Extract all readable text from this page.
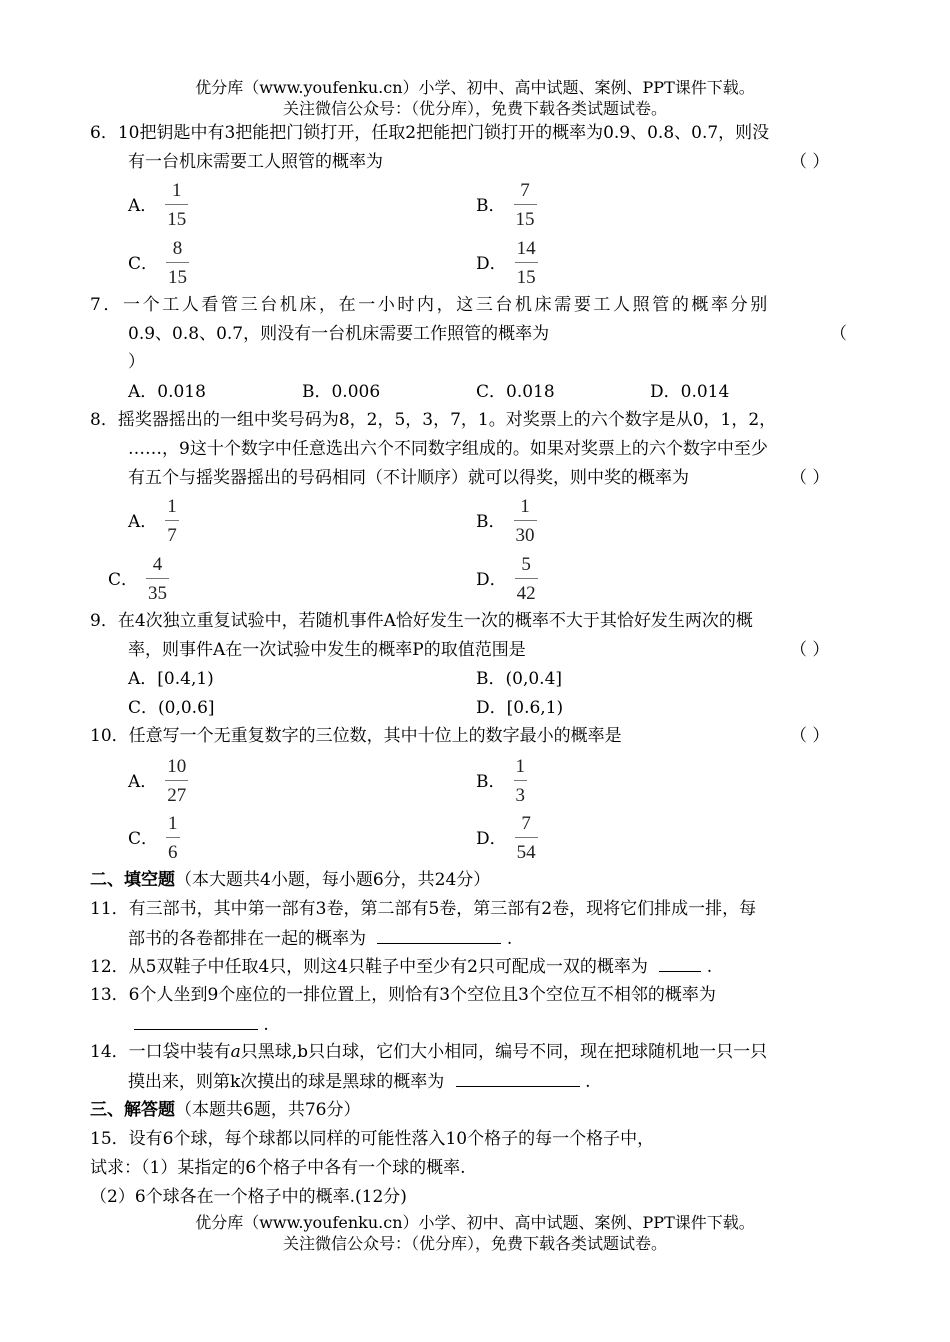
优分库（www.youfenku.cn）小学、初中、高中试题、案例、PPT课件下载。
关注微信公众号：（优分库），免费下载各类试题试卷。
6．10把钥匙中有3把能把门锁打开，任取2把能把门锁打开的概率为0.9、0.8、0.7，则没
有一台机床需要工人照管的概率为	（ ）
A． $\frac{1}{15}$	B． $\frac{7}{15}$
C． $\frac{8}{15}$	D． $\frac{14}{15}$
7．一个工人看管三台机床，在一小时内，这三台机床需要工人照管的概率分别
0.9、0.8、0.7，则没有一台机床需要工作照管的概率为	（
）
A．0.018	B．0.006	C．0.018	D．0.014
8．摇奖器摇出的一组中奖号码为8，2，5，3，7，1。对奖票上的六个数字是从0，1，2，
……，9这十个数字中任意选出六个不同数字组成的。如果对奖票上的六个数字中至少
有五个与摇奖器摇出的号码相同（不计顺序）就可以得奖，则中奖的概率为	（ ）
A． $\frac{1}{7}$	B． $\frac{1}{30}$
C． $\frac{4}{35}$	D． $\frac{5}{42}$
9．在4次独立重复试验中，若随机事件A恰好发生一次的概率不大于其恰好发生两次的概
率，则事件A在一次试验中发生的概率P的取值范围是	（ ）
A．[0.4,1)	B．(0,0.4]
C．(0,0.6]	D．[0.6,1)
10．任意写一个无重复数字的三位数，其中十位上的数字最小的概率是	（ ）
A． $\frac{10}{27}$	B． $\frac{1}{3}$
C． $\frac{1}{6}$	D． $\frac{7}{54}$
二、填空题（本大题共4小题，每小题6分，共24分）
11．有三部书，其中第一部有3卷，第二部有5卷，第三部有2卷，现将它们排成一排，每
部书的各卷都排在一起的概率为	.
12．从5双鞋子中任取4只，则这4只鞋子中至少有2只可配成一双的概率为	.
13．6个人坐到9个座位的一排位置上，则恰有3个空位且3个空位互不相邻的概率为
.
14．一口袋中装有a只黑球,b只白球，它们大小相同，编号不同，现在把球随机地一只一只
摸出来，则第k次摸出的球是黑球的概率为	.
三、解答题（本题共6题，共76分）
15．设有6个球，每个球都以同样的可能性落入10个格子的每一个格子中，
试求：（1）某指定的6个格子中各有一个球的概率.
（2）6个球各在一个格子中的概率.(12分)
优分库（www.youfenku.cn）小学、初中、高中试题、案例、PPT课件下载。
关注微信公众号：（优分库），免费下载各类试题试卷。
